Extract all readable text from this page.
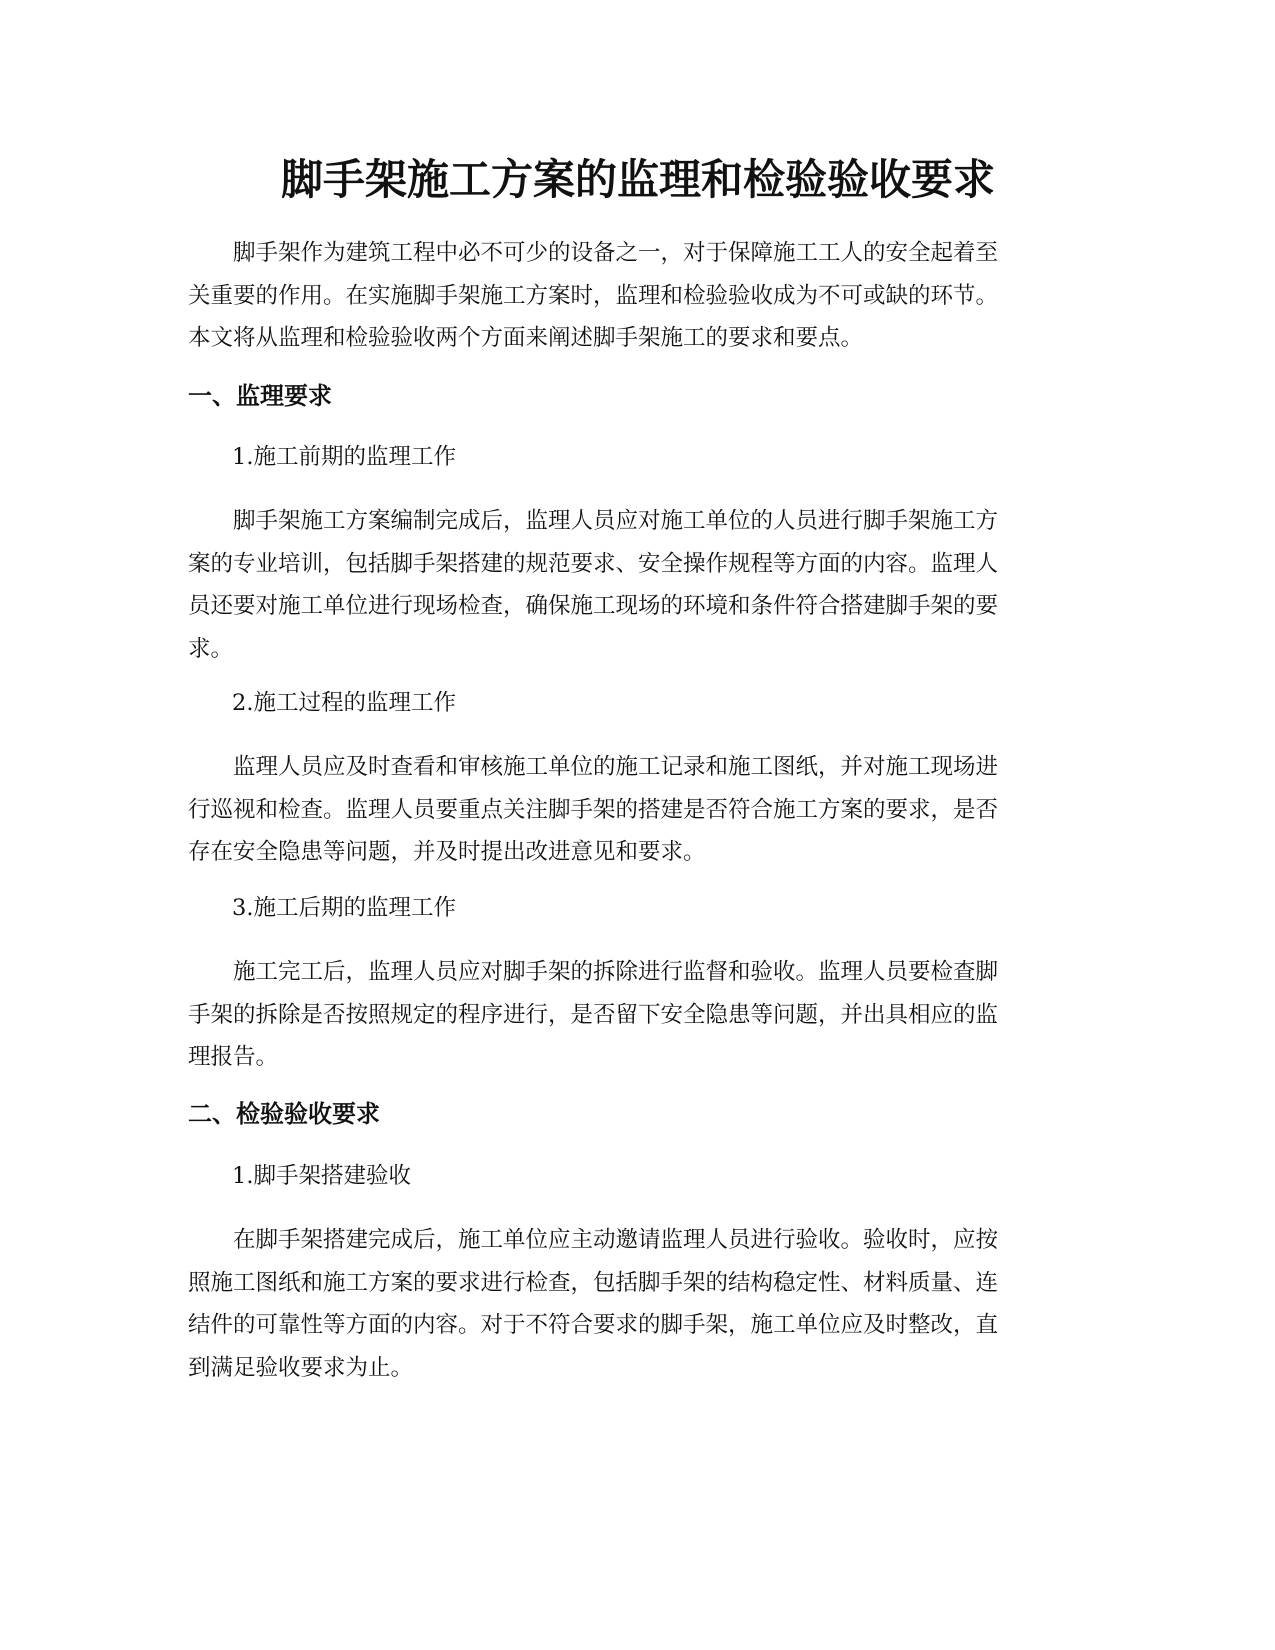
脚手架施工方案的监理和检验验收要求

脚手架作为建筑工程中必不可少的设备之一，对于保障施工工人的安全起着至
关重要的作用。在实施脚手架施工方案时，监理和检验验收成为不可或缺的环节。
本文将从监理和检验验收两个方面来阐述脚手架施工的要求和要点。

一、监理要求

1.施工前期的监理工作

脚手架施工方案编制完成后，监理人员应对施工单位的人员进行脚手架施工方
案的专业培训，包括脚手架搭建的规范要求、安全操作规程等方面的内容。监理人
员还要对施工单位进行现场检查，确保施工现场的环境和条件符合搭建脚手架的要
求。

2.施工过程的监理工作

监理人员应及时查看和审核施工单位的施工记录和施工图纸，并对施工现场进
行巡视和检查。监理人员要重点关注脚手架的搭建是否符合施工方案的要求，是否
存在安全隐患等问题，并及时提出改进意见和要求。

3.施工后期的监理工作

施工完工后，监理人员应对脚手架的拆除进行监督和验收。监理人员要检查脚
手架的拆除是否按照规定的程序进行，是否留下安全隐患等问题，并出具相应的监
理报告。

二、检验验收要求

1.脚手架搭建验收

在脚手架搭建完成后，施工单位应主动邀请监理人员进行验收。验收时，应按
照施工图纸和施工方案的要求进行检查，包括脚手架的结构稳定性、材料质量、连
结件的可靠性等方面的内容。对于不符合要求的脚手架，施工单位应及时整改，直
到满足验收要求为止。
